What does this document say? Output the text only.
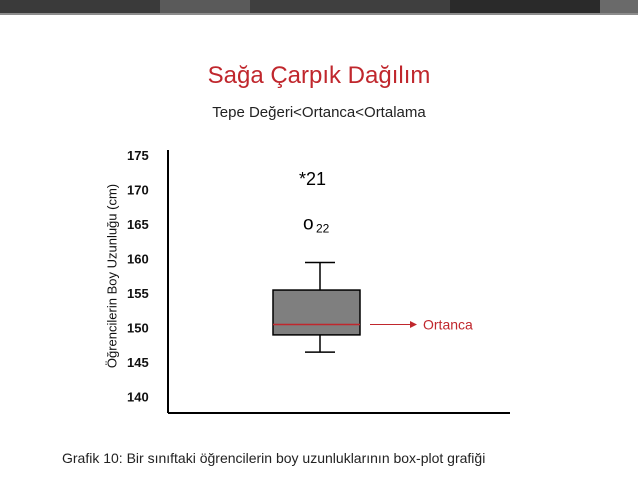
Sağa Çarpık Dağılım
Tepe Değeri<Ortanca<Ortalama
Öğrencilerin Boy Uzunluğu (cm)
140
145
150
155
160
165
170
175
o 22
*21
Ortanca
Grafik 10: Bir sınıftaki öğrencilerin boy uzunluklarının box-plot grafiği
